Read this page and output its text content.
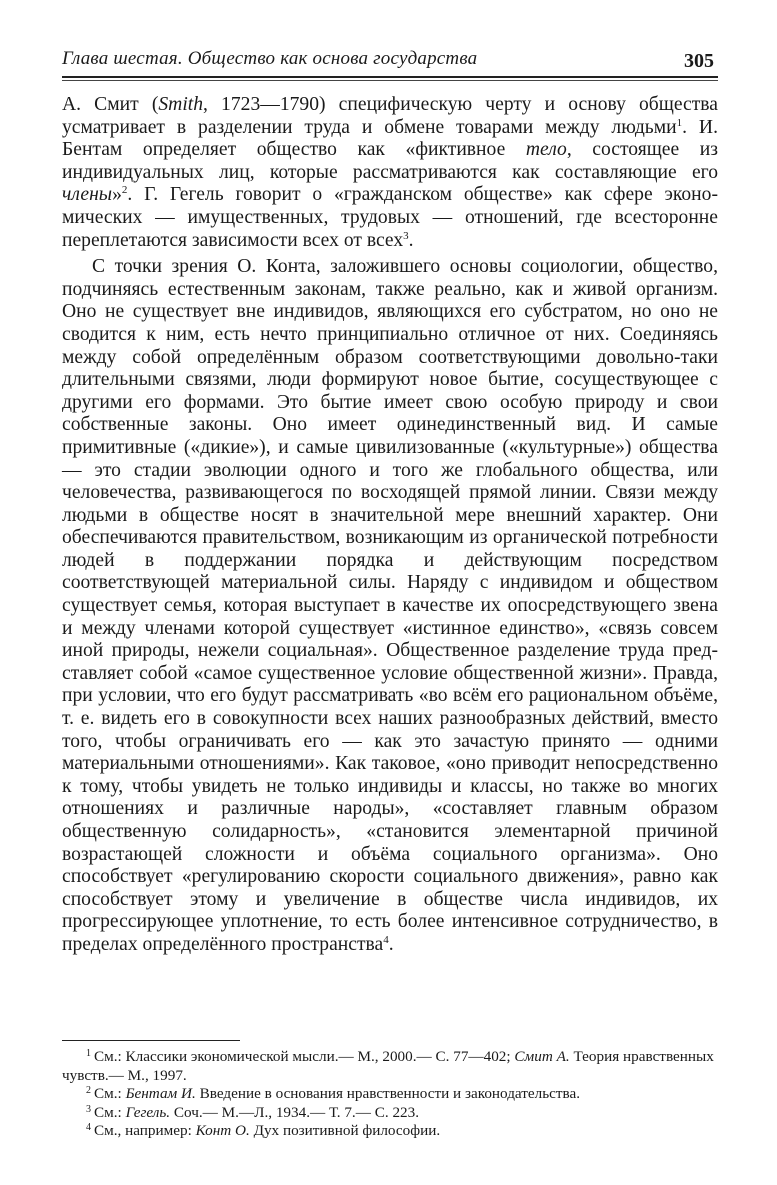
Глава шестая. Общество как основа государства	305

А. Смит (Smith, 1723—1790) специфическую черту и основу общества усматривает в разделении труда и обмене товарами между людьми$^1$. И. Бентам определяет общество как «фиктивное тело, состоящее из индивидуальных лиц, которые рассматриваются как составляющие его члены»$^2$. Г. Гегель говорит о «гражданском обществе» как сфере экономических — имущественных, трудовых — отношений, где всесторонне переплетаются зависимости всех от всех$^3$.

С точки зрения О. Конта, заложившего основы социологии, общество, подчиняясь естественным законам, также реально, как и живой организм. Оно не существует вне индивидов, являющихся его субстратом, но оно не сводится к ним, есть нечто принципиально отличное от них. Соединяясь между собой определённым образом соответствующими довольно-таки длительными связями, люди формируют новое бытие, сосуществующее с другими его формами. Это бытие имеет свою особую природу и свои собственные законы. Оно имеет одинединственный вид. И самые примитивные («дикие»), и самые цивилизованные («культурные») общества — это стадии эволюции одного и того же глобального общества, или человечества, развивающегося по восходящей прямой линии. Связи между людьми в обществе носят в значительной мере внешний характер. Они обеспечиваются правительством, возникающим из органической потребности людей в поддержании порядка и действующим посредством соответствующей материальной силы. Наряду с индивидом и обществом существует семья, которая выступает в качестве их опосредствующего звена и между членами которой существует «истинное единство», «связь совсем иной природы, нежели социальная». Общественное разделение труда представляет собой «самое существенное условие общественной жизни». Правда, при условии, что его будут рассматривать «во всём его рациональном объёме, т. е. видеть его в совокупности всех наших разнообразных действий, вместо того, чтобы ограничивать его — как это зачастую принято — одними материальными отношениями». Как таковое, «оно приводит непосредственно к тому, чтобы увидеть не только индивиды и классы, но также во многих отношениях и различные народы», «составляет главным образом общественную солидарность», «становится элементарной причиной возрастающей сложности и объёма социального организма». Оно способствует «регулированию скорости социального движения», равно как способствует этому и увеличение в обществе числа индивидов, их прогрессирующее уплотнение, то есть более интенсивное сотрудничество, в пределах определённого пространства$^4$.

$^1$ См.: Классики экономической мысли.— М., 2000.— С. 77—402; Смит А. Теория нравственных чувств.— М., 1997.

$^2$ См.: Бентам И. Введение в основания нравственности и законодательства.

$^3$ См.: Гегель. Соч.— М.—Л., 1934.— Т. 7.— С. 223.

$^4$ См., например: Конт О. Дух позитивной философии.
